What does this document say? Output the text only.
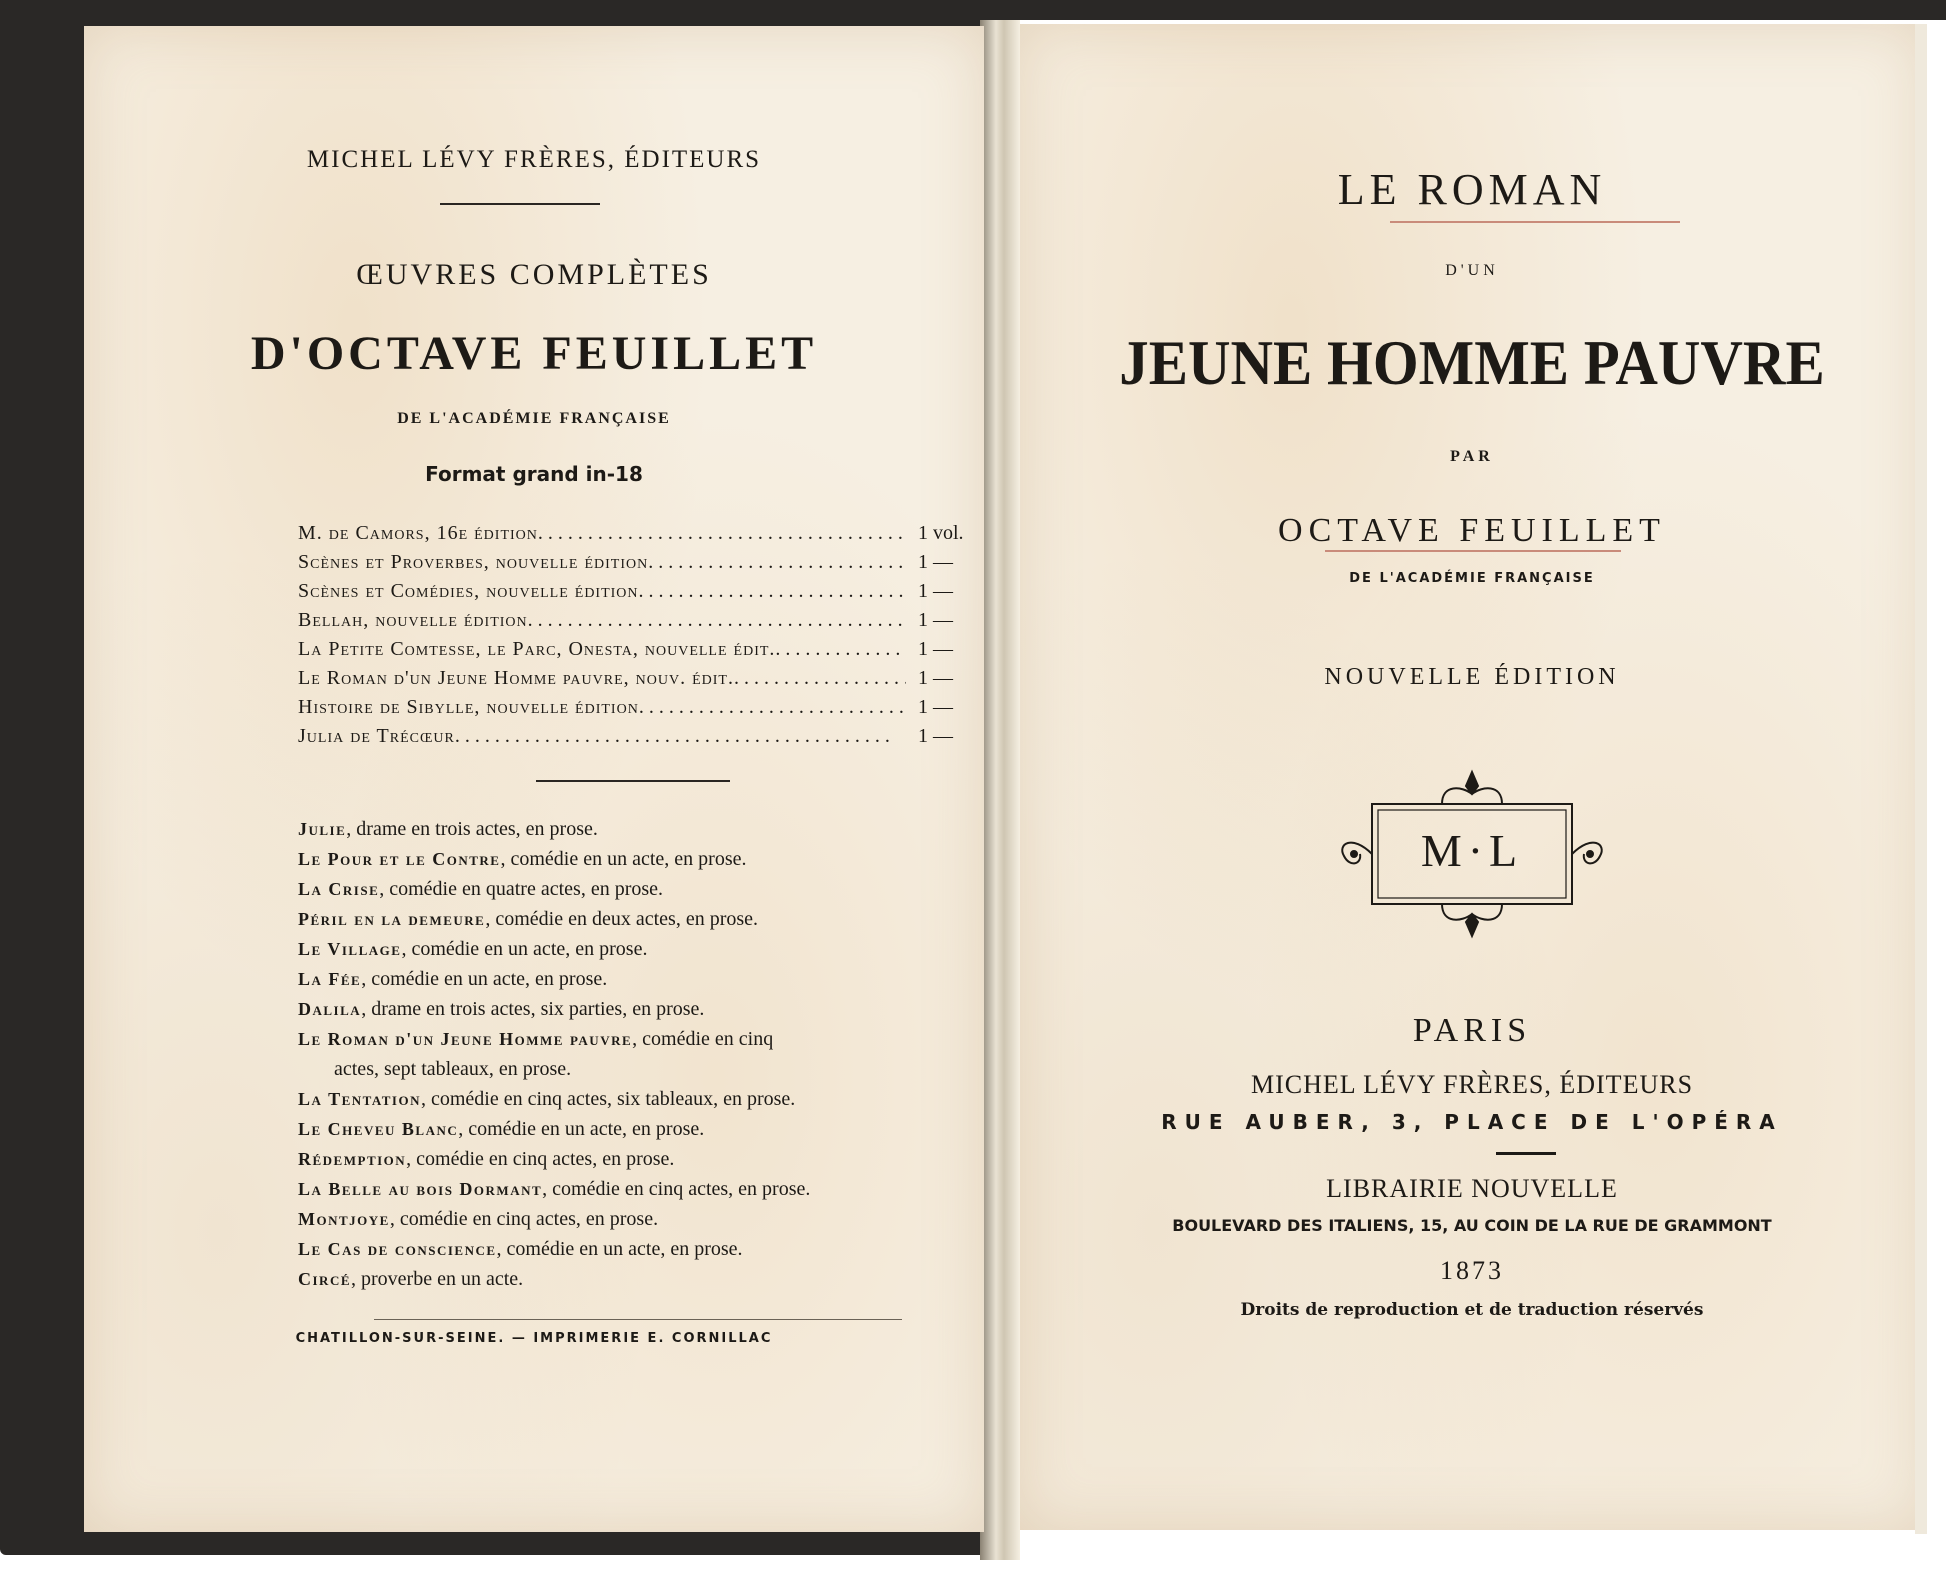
MICHEL LÉVY FRÈRES, ÉDITEURS
ŒUVRES COMPLÈTES
D'OCTAVE FEUILLET
DE L'ACADÉMIE FRANÇAISE
Format grand in-18
M. de Camors, 16e édition . . .	1 vol.
Scènes et Proverbes, nouvelle édition . . .	1 —
Scènes et Comédies, nouvelle édition . . .	1 —
Bellah, nouvelle édition . . .	1 —
La Petite Comtesse, le Parc, Onesta, nouvelle édit. . . .	1 —
Le Roman d'un Jeune Homme pauvre, nouv. édit. . . .	1 —
Histoire de Sibylle, nouvelle édition . . .	1 —
Julia de Trécœur . . .	1 —
Julie, drame en trois actes, en prose.
Le Pour et le Contre, comédie en un acte, en prose.
La Crise, comédie en quatre actes, en prose.
Péril en la demeure, comédie en deux actes, en prose.
Le Village, comédie en un acte, en prose.
La Fée, comédie en un acte, en prose.
Dalila, drame en trois actes, six parties, en prose.
Le Roman d'un Jeune Homme pauvre, comédie en cinq
actes, sept tableaux, en prose.
La Tentation, comédie en cinq actes, six tableaux, en prose.
Le Cheveu Blanc, comédie en un acte, en prose.
Rédemption, comédie en cinq actes, en prose.
La Belle au bois Dormant, comédie en cinq actes, en prose.
Montjoye, comédie en cinq actes, en prose.
Le Cas de conscience, comédie en un acte, en prose.
Circé, proverbe en un acte.
CHATILLON-SUR-SEINE. — IMPRIMERIE E. CORNILLAC
LE ROMAN
D'UN
JEUNE HOMME PAUVRE
PAR
OCTAVE FEUILLET
DE L'ACADÉMIE FRANÇAISE
NOUVELLE ÉDITION
M·L
PARIS
MICHEL LÉVY FRÈRES, ÉDITEURS
RUE AUBER, 3, PLACE DE L'OPÉRA
LIBRAIRIE NOUVELLE
BOULEVARD DES ITALIENS, 15, AU COIN DE LA RUE DE GRAMMONT
1873
Droits de reproduction et de traduction réservés
